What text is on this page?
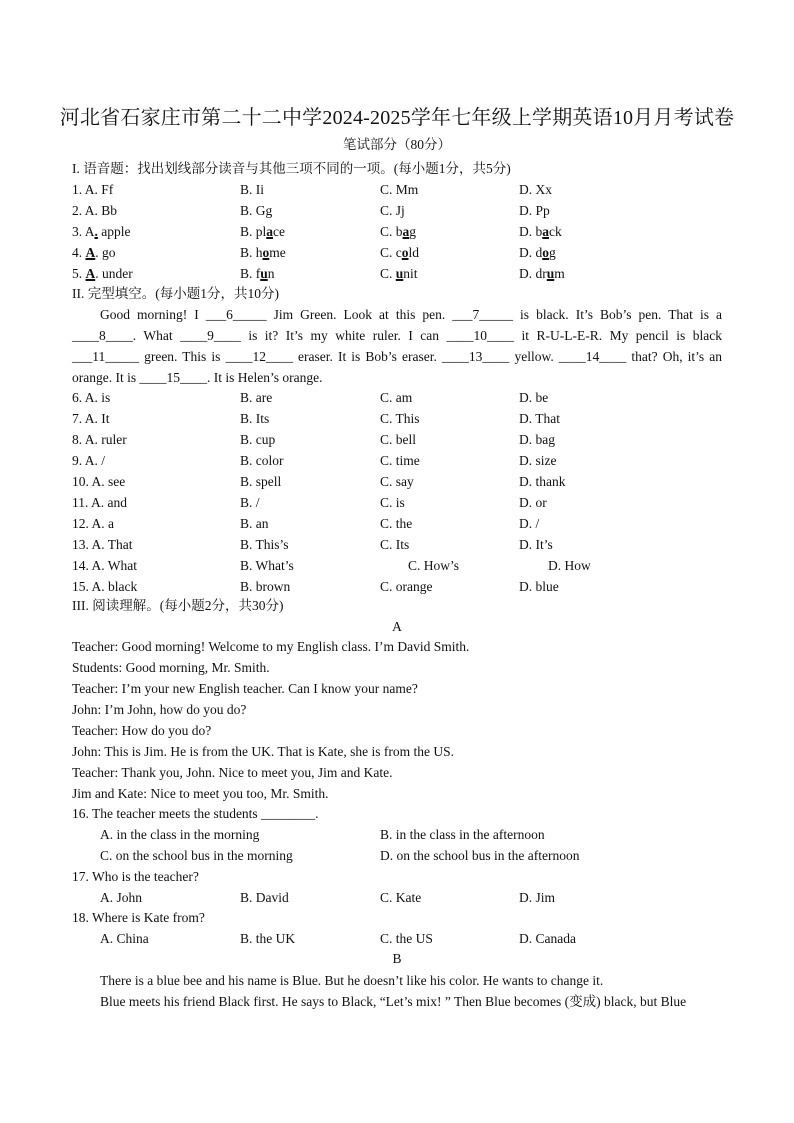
河北省石家庄市第二十二中学2024-2025学年七年级上学期英语10月月考试卷
笔试部分（80分）
I. 语音题：找出划线部分读音与其他三项不同的一项。(每小题1分，共5分)
1. A. Ff	B. Ii	C. Mm	D. Xx
2. A. Bb	B. Gg	C. Jj	D. Pp
3. A. apple	B. place	C. bag	D. back
4. A. go	B. home	C. cold	D. dog
5. A. under	B. fun	C. unit	D. drum
II. 完型填空。(每小题1分，共10分)

Good morning! I ___6_____ Jim Green. Look at this pen. ___7_____ is black. It’s Bob’s pen. That is a ____8____. What ____9____ is it? It’s my white ruler. I can ____10____ it R-U-L-E-R. My pencil is black ___11_____ green. This is ____12____ eraser. It is Bob’s eraser. ____13____ yellow. ____14____ that? Oh, it’s an orange. It is ____15____. It is Helen’s orange.

6. A. is	B. are	C. am	D. be
7. A. It	B. Its	C. This	D. That
8. A. ruler	B. cup	C. bell	D. bag
9. A. /	B. color	C. time	D. size
10. A. see	B. spell	C. say	D. thank
11. A. and	B. /	C. is	D. or
12. A. a	B. an	C. the	D. /
13. A. That	B. This’s	C. Its	D. It’s
14. A. What	B. What’s	C. How’s	D. How
15. A. black	B. brown	C. orange	D. blue
III. 阅读理解。(每小题2分，共30分)
A
Teacher: Good morning! Welcome to my English class. I’m David Smith.
Students: Good morning, Mr. Smith.
Teacher: I’m your new English teacher. Can I know your name?
John: I’m John, how do you do?
Teacher: How do you do?
John: This is Jim. He is from the UK. That is Kate, she is from the US.
Teacher: Thank you, John. Nice to meet you, Jim and Kate.
Jim and Kate: Nice to meet you too, Mr. Smith.
16. The teacher meets the students ________.
A. in the class in the morning	B. in the class in the afternoon
C. on the school bus in the morning	D. on the school bus in the afternoon
17. Who is the teacher?
A. John	B. David	C. Kate	D. Jim
18. Where is Kate from?
A. China	B. the UK	C. the US	D. Canada
B
There is a blue bee and his name is Blue. But he doesn’t like his color. He wants to change it.
Blue meets his friend Black first. He says to Black, “Let’s mix! ” Then Blue becomes (变成) black, but Blue
